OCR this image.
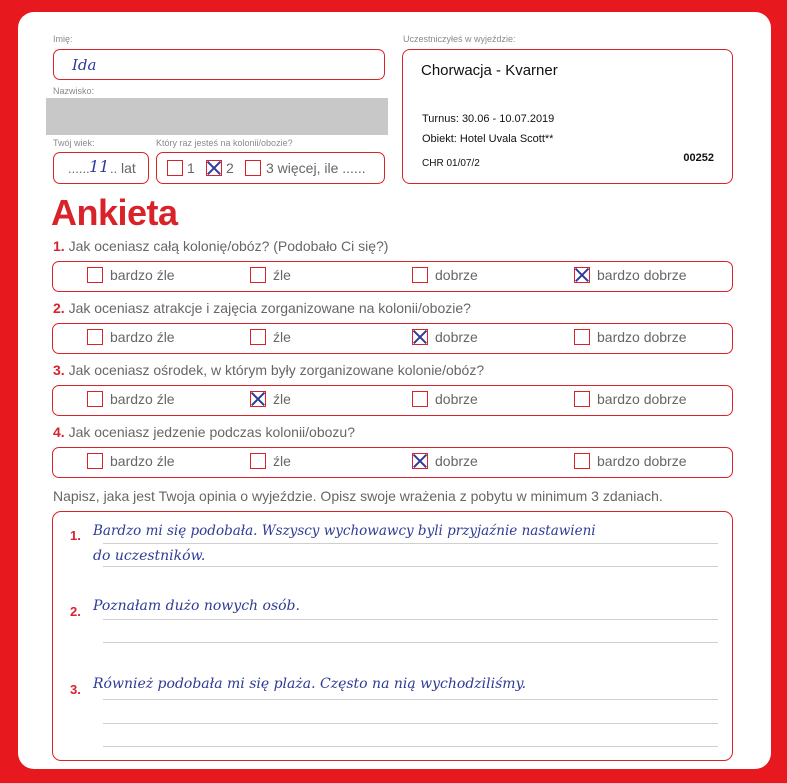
Imię:
Ida
Nazwisko:
Twój wiek:
...... 11 .. lat
Który raz jesteś na kolonii/obozie?
1 2 3 więcej, ile ......
Uczestniczyłeś w wyjeździe:
Chorwacja - Kvarner
Turnus: 30.06 - 10.07.2019
Obiekt: Hotel Uvala Scott**
CHR 01/07/2	00252
Ankieta
1. Jak oceniasz całą kolonię/obóz? (Podobało Ci się?)
bardzo źle	źle	dobrze	bardzo dobrze
2. Jak oceniasz atrakcje i zajęcia zorganizowane na kolonii/obozie?
bardzo źle	źle	dobrze	bardzo dobrze
3. Jak oceniasz ośrodek, w którym były zorganizowane kolonie/obóz?
bardzo źle	źle	dobrze	bardzo dobrze
4. Jak oceniasz jedzenie podczas kolonii/obozu?
bardzo źle	źle	dobrze	bardzo dobrze
Napisz, jaka jest Twoja opinia o wyjeździe. Opisz swoje wrażenia z pobytu w minimum 3 zdaniach.
1. Bardzo mi się podobała. Wszyscy wychowawcy byli przyjaźnie nastawieni
do uczestników.
2. Poznałam dużo nowych osób.
3. Również podobała mi się plaża. Często na nią wychodziliśmy.
